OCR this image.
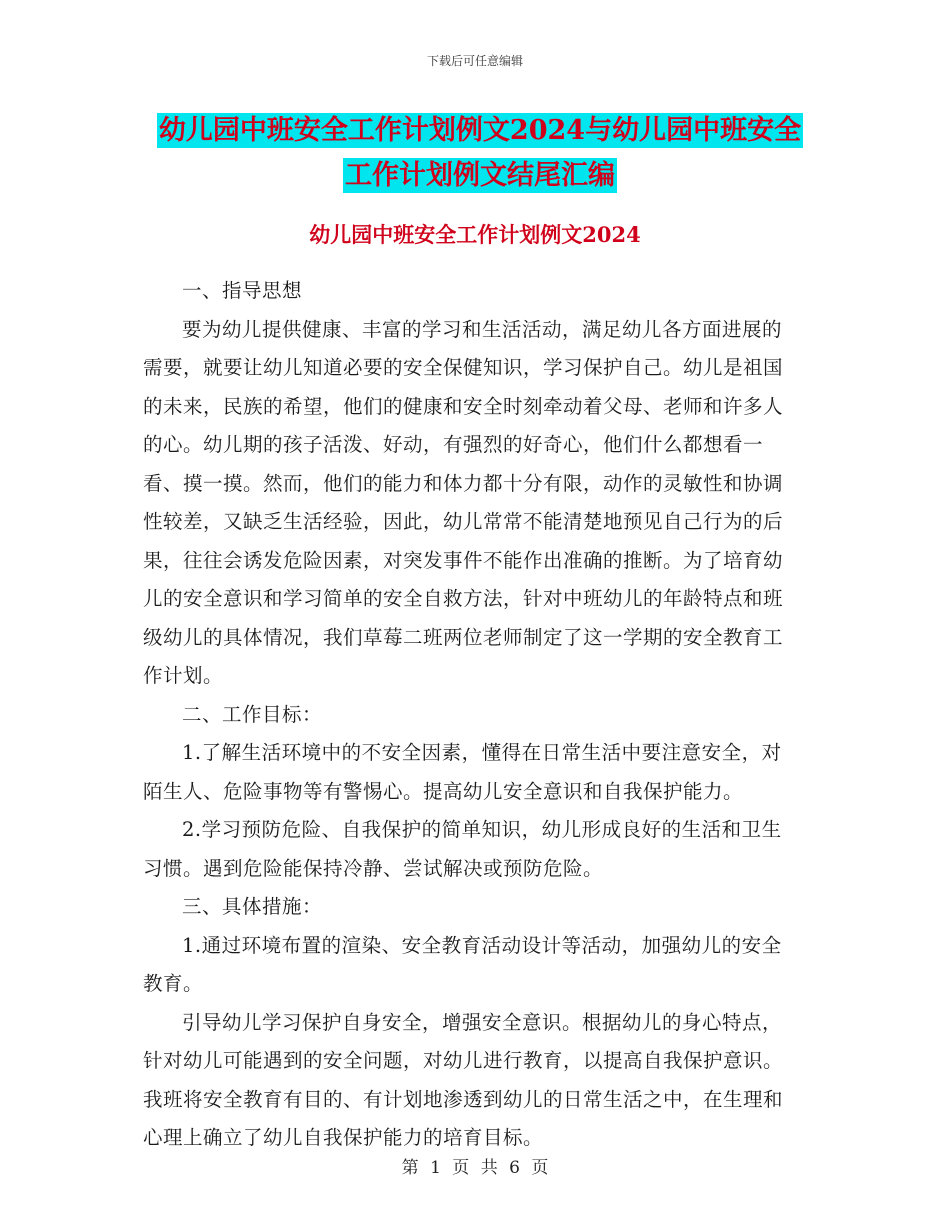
下载后可任意编辑
幼儿园中班安全工作计划例文2024与幼儿园中班安全
工作计划例文结尾汇编
幼儿园中班安全工作计划例文2024

一、指导思想

要为幼儿提供健康、丰富的学习和生活活动，满足幼儿各方面进展的需要，就要让幼儿知道必要的安全保健知识，学习保护自己。幼儿是祖国的未来，民族的希望，他们的健康和安全时刻牵动着父母、老师和许多人的心。幼儿期的孩子活泼、好动，有强烈的好奇心，他们什么都想看一看、摸一摸。然而，他们的能力和体力都十分有限，动作的灵敏性和协调性较差，又缺乏生活经验，因此，幼儿常常不能清楚地预见自己行为的后果，往往会诱发危险因素，对突发事件不能作出准确的推断。为了培育幼儿的安全意识和学习简单的安全自救方法，针对中班幼儿的年龄特点和班级幼儿的具体情况，我们草莓二班两位老师制定了这一学期的安全教育工作计划。

二、工作目标：

1.了解生活环境中的不安全因素，懂得在日常生活中要注意安全，对陌生人、危险事物等有警惕心。提高幼儿安全意识和自我保护能力。

2.学习预防危险、自我保护的简单知识，幼儿形成良好的生活和卫生习惯。遇到危险能保持冷静、尝试解决或预防危险。

三、具体措施：

1.通过环境布置的渲染、安全教育活动设计等活动，加强幼儿的安全教育。

引导幼儿学习保护自身安全，增强安全意识。根据幼儿的身心特点，针对幼儿可能遇到的安全问题，对幼儿进行教育，以提高自我保护意识。我班将安全教育有目的、有计划地渗透到幼儿的日常生活之中，在生理和心理上确立了幼儿自我保护能力的培育目标。

第 1 页 共 6 页
